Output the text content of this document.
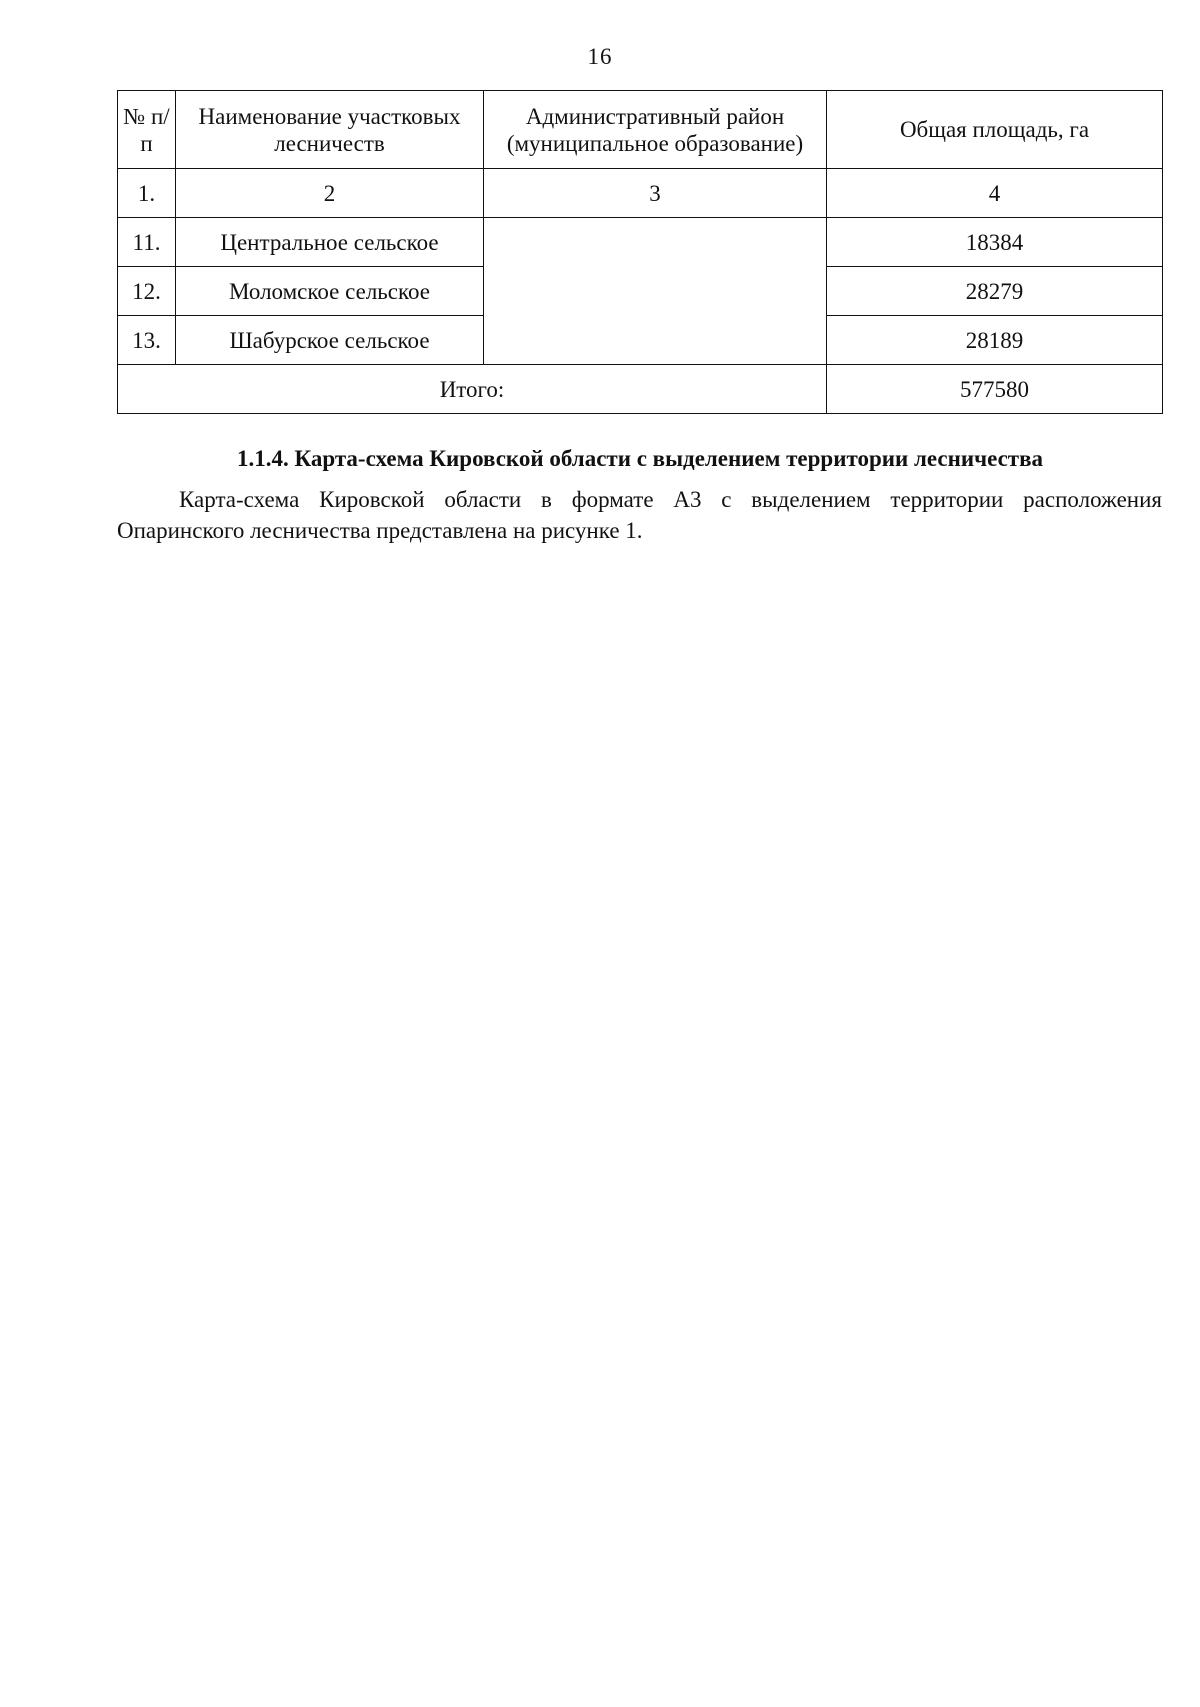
16
№ п/п	Наименование участковых лесничеств	Административный район (муниципальное образование)	Общая площадь, га
1.	2	3	4
11.	Центральное сельское		18384
12.	Моломское сельское		28279
13.	Шабурское сельское		28189
Итого:			577580
1.1.4. Карта-схема Кировской области с выделением территории лесничества

Карта-схема Кировской области в формате А3 с выделением территории расположения Опаринского лесничества представлена на рисунке 1.
